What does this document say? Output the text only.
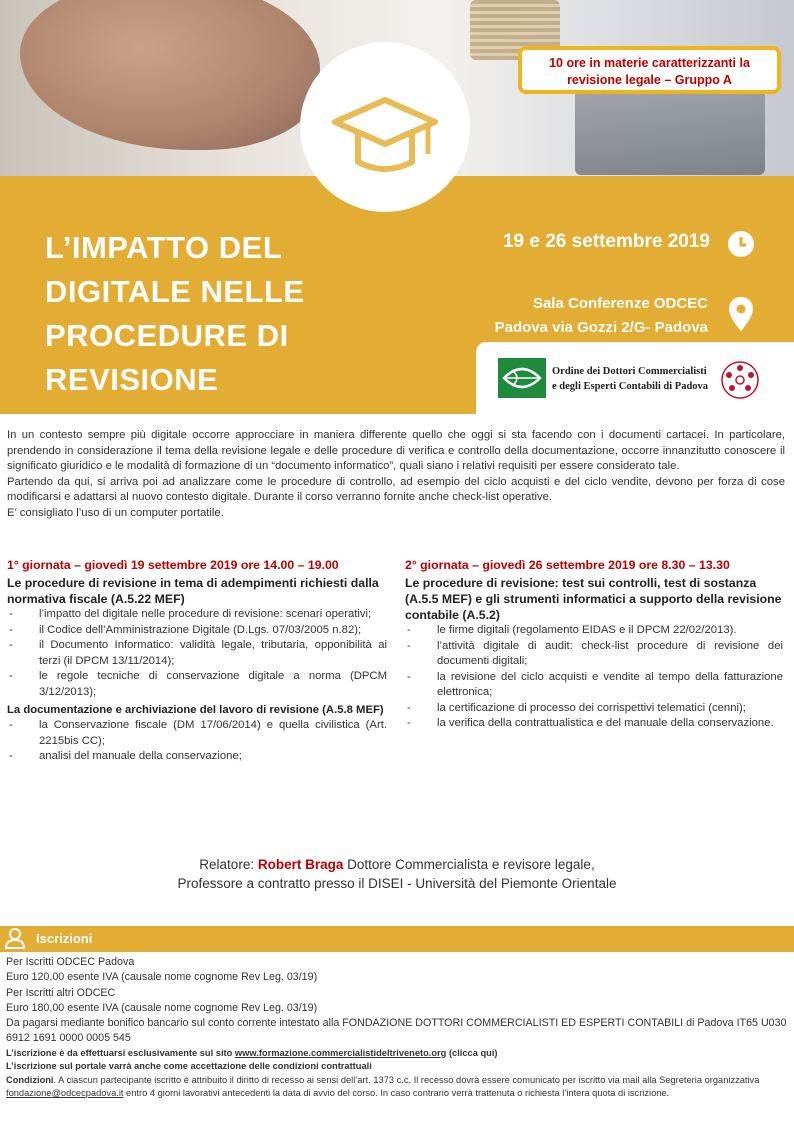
10 ore in materie caratterizzanti la
revisione legale – Gruppo A
L’IMPATTO DEL
DIGITALE NELLE
PROCEDURE DI
REVISIONE
19 e 26 settembre 2019
Sala Conferenze ODCEC
Padova via Gozzi 2/G- Padova
Ordine dei Dottori Commercialisti
e degli Esperti Contabili di Padova

In un contesto sempre più digitale occorre approcciare in maniera differente quello che oggi si sta facendo con i documenti cartacei. In particolare, prendendo in considerazione il tema della revisione legale e delle procedure di verifica e controllo della documentazione, occorre innanzitutto conoscere il significato giuridico e le modalità di formazione di un “documento informatico”, quali siano i relativi requisiti per essere considerato tale.

Partendo da qui, si arriva poi ad analizzare come le procedure di controllo, ad esempio del ciclo acquisti e del ciclo vendite, devono per forza di cose modificarsi e adattarsi al nuovo contesto digitale. Durante il corso verranno fornite anche check-list operative.

E’ consigliato l’uso di un computer portatile.

1° giornata – giovedì 19 settembre 2019 ore 14.00 – 19.00
Le procedure di revisione in tema di adempimenti richiesti dalla normativa fiscale (A.5.22 MEF)
- l’impatto del digitale nelle procedure di revisione: scenari operativi;
- il Codice dell’Amministrazione Digitale (D.Lgs. 07/03/2005 n.82);
- il Documento Informatico: validità legale, tributaria, opponibilità ai terzi (il DPCM 13/11/2014);
- le regole tecniche di conservazione digitale a norma (DPCM 3/12/2013);
La documentazione e archiviazione del lavoro di revisione (A.5.8 MEF)
- la Conservazione fiscale (DM 17/06/2014) e quella civilistica (Art. 2215bis CC);
- analisi del manuale della conservazione;
2° giornata – giovedì 26 settembre 2019 ore 8.30 – 13.30
Le procedure di revisione: test sui controlli, test di sostanza (A.5.5 MEF) e gli strumenti informatici a supporto della revisione contabile (A.5.2)
- le firme digitali (regolamento EIDAS e il DPCM 22/02/2013).
- l’attività digitale di audit: check-list procedure di revisione dei documenti digitali;
- la revisione del ciclo acquisti e vendite al tempo della fatturazione elettronica;
- la certificazione di processo dei corrispettivi telematici (cenni);
- la verifica della contrattualistica e del manuale della conservazione.
Relatore: Robert Braga Dottore Commercialista e revisore legale,
Professore a contratto presso il DISEI - Università del Piemonte Orientale
Iscrizioni

Per Iscritti ODCEC Padova

Euro 120,00 esente IVA (causale nome cognome Rev Leg. 03/19)

Per Iscritti altri ODCEC

Euro 180,00 esente IVA (causale nome cognome Rev Leg. 03/19)

Da pagarsi mediante bonifico bancario sul conto corrente intestato alla FONDAZIONE DOTTORI COMMERCIALISTI ED ESPERTI CONTABILI di Padova IT65 U030 6912 1691 0000 0005 545

L’iscrizione è da effettuarsi esclusivamente sul sito www.formazione.commercialistideltriveneto.org (clicca qui)

L’iscrizione sul portale varrà anche come accettazione delle condizioni contrattuali

Condizioni. A ciascun partecipante iscritto è attribuito il diritto di recesso ai sensi dell’art. 1373 c.c. Il recesso dovrà essere comunicato per iscritto via mail alla Segreteria organizzativa fondazione@odcecpadova.it entro 4 giorni lavorativi antecedenti la data di avvio del corso. In caso contrario verrà trattenuta o richiesta l’intera quota di iscrizione.
